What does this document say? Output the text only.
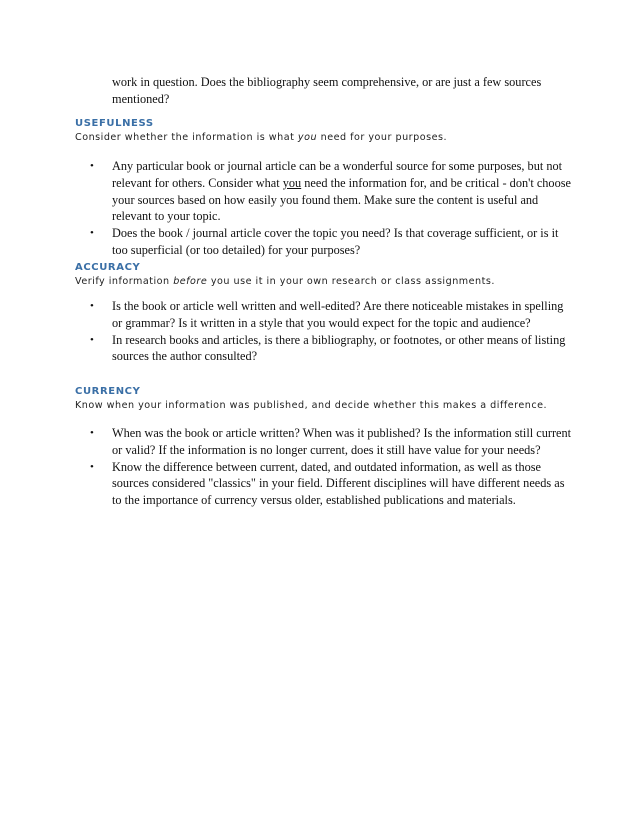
work in question. Does the bibliography seem comprehensive, or are just a few sources mentioned?
USEFULNESS
Consider whether the information is what you need for your purposes.
• Any particular book or journal article can be a wonderful source for some purposes, but not relevant for others. Consider what you need the information for, and be critical - don't choose your sources based on how easily you found them. Make sure the content is useful and relevant to your topic.
• Does the book / journal article cover the topic you need? Is that coverage sufficient, or is it too superficial (or too detailed) for your purposes?
ACCURACY
Verify information before you use it in your own research or class assignments.
• Is the book or article well written and well-edited? Are there noticeable mistakes in spelling or grammar? Is it written in a style that you would expect for the topic and audience?
• In research books and articles, is there a bibliography, or footnotes, or other means of listing sources the author consulted?
CURRENCY
Know when your information was published, and decide whether this makes a difference.
• When was the book or article written? When was it published? Is the information still current or valid? If the information is no longer current, does it still have value for your needs?
• Know the difference between current, dated, and outdated information, as well as those sources considered "classics" in your field. Different disciplines will have different needs as to the importance of currency versus older, established publications and materials.
